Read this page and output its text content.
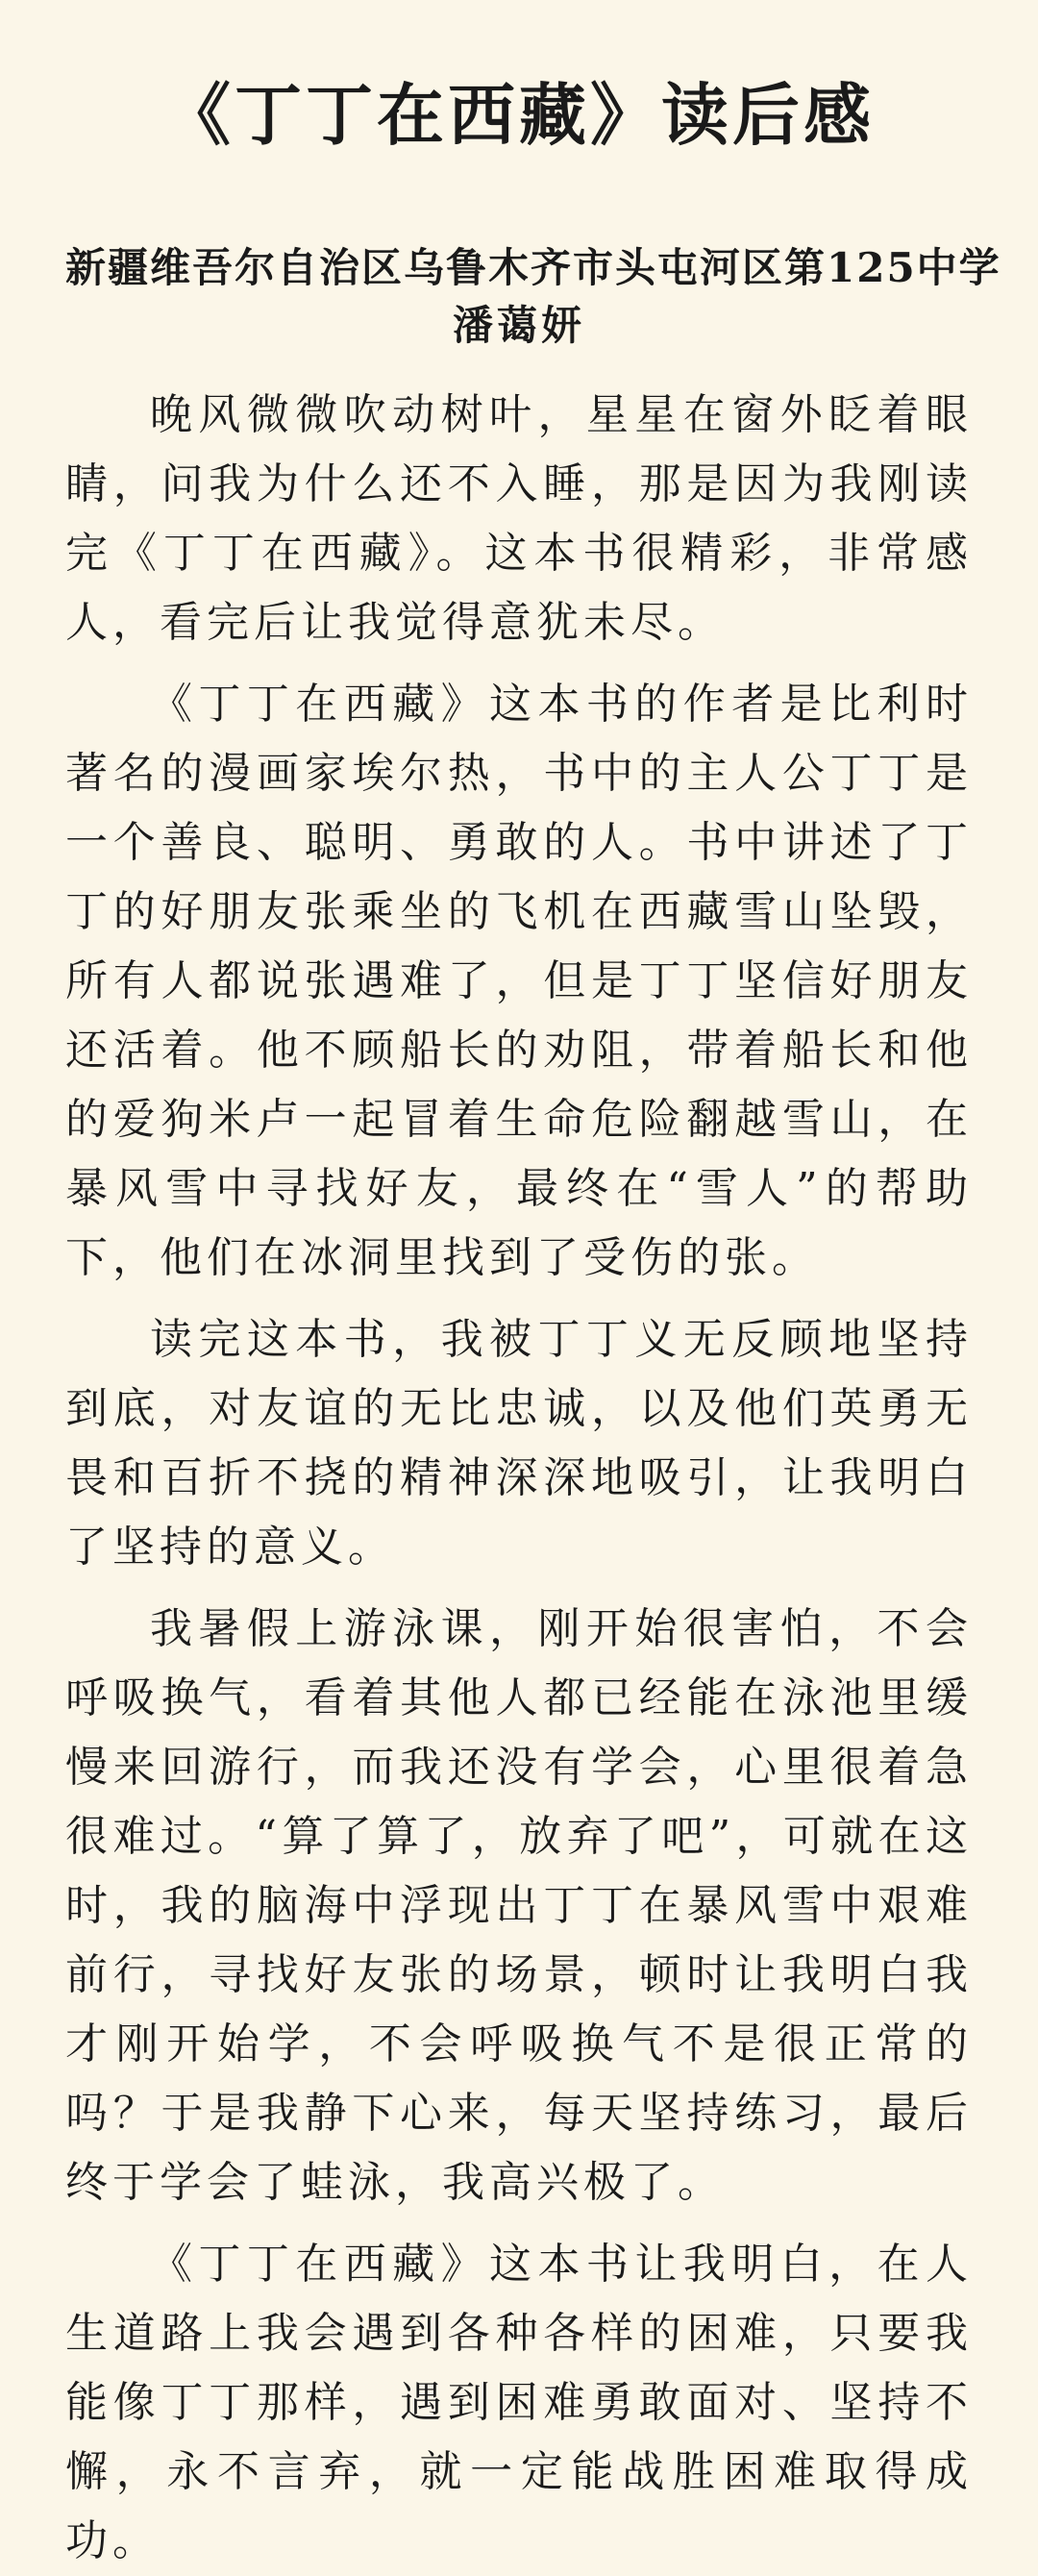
《丁丁在西藏》读后感
新疆维吾尔自治区乌鲁木齐市头屯河区第125中学
潘蔼妍

晚风微微吹动树叶，星星在窗外眨着眼睛，问我为什么还不入睡，那是因为我刚读完《丁丁在西藏》。这本书很精彩，非常感人，看完后让我觉得意犹未尽。

《丁丁在西藏》这本书的作者是比利时著名的漫画家埃尔热，书中的主人公丁丁是一个善良、聪明、勇敢的人。书中讲述了丁丁的好朋友张乘坐的飞机在西藏雪山坠毁，所有人都说张遇难了，但是丁丁坚信好朋友还活着。他不顾船长的劝阻，带着船长和他的爱狗米卢一起冒着生命危险翻越雪山，在暴风雪中寻找好友，最终在“雪人”的帮助下，他们在冰洞里找到了受伤的张。

读完这本书，我被丁丁义无反顾地坚持到底，对友谊的无比忠诚，以及他们英勇无畏和百折不挠的精神深深地吸引，让我明白了坚持的意义。

我暑假上游泳课，刚开始很害怕，不会呼吸换气，看着其他人都已经能在泳池里缓慢来回游行，而我还没有学会，心里很着急很难过。“算了算了，放弃了吧”，可就在这时，我的脑海中浮现出丁丁在暴风雪中艰难前行，寻找好友张的场景，顿时让我明白我才刚开始学，不会呼吸换气不是很正常的吗？于是我静下心来，每天坚持练习，最后终于学会了蛙泳，我高兴极了。

《丁丁在西藏》这本书让我明白，在人生道路上我会遇到各种各样的困难，只要我能像丁丁那样，遇到困难勇敢面对、坚持不懈，永不言弃，就一定能战胜困难取得成功。
